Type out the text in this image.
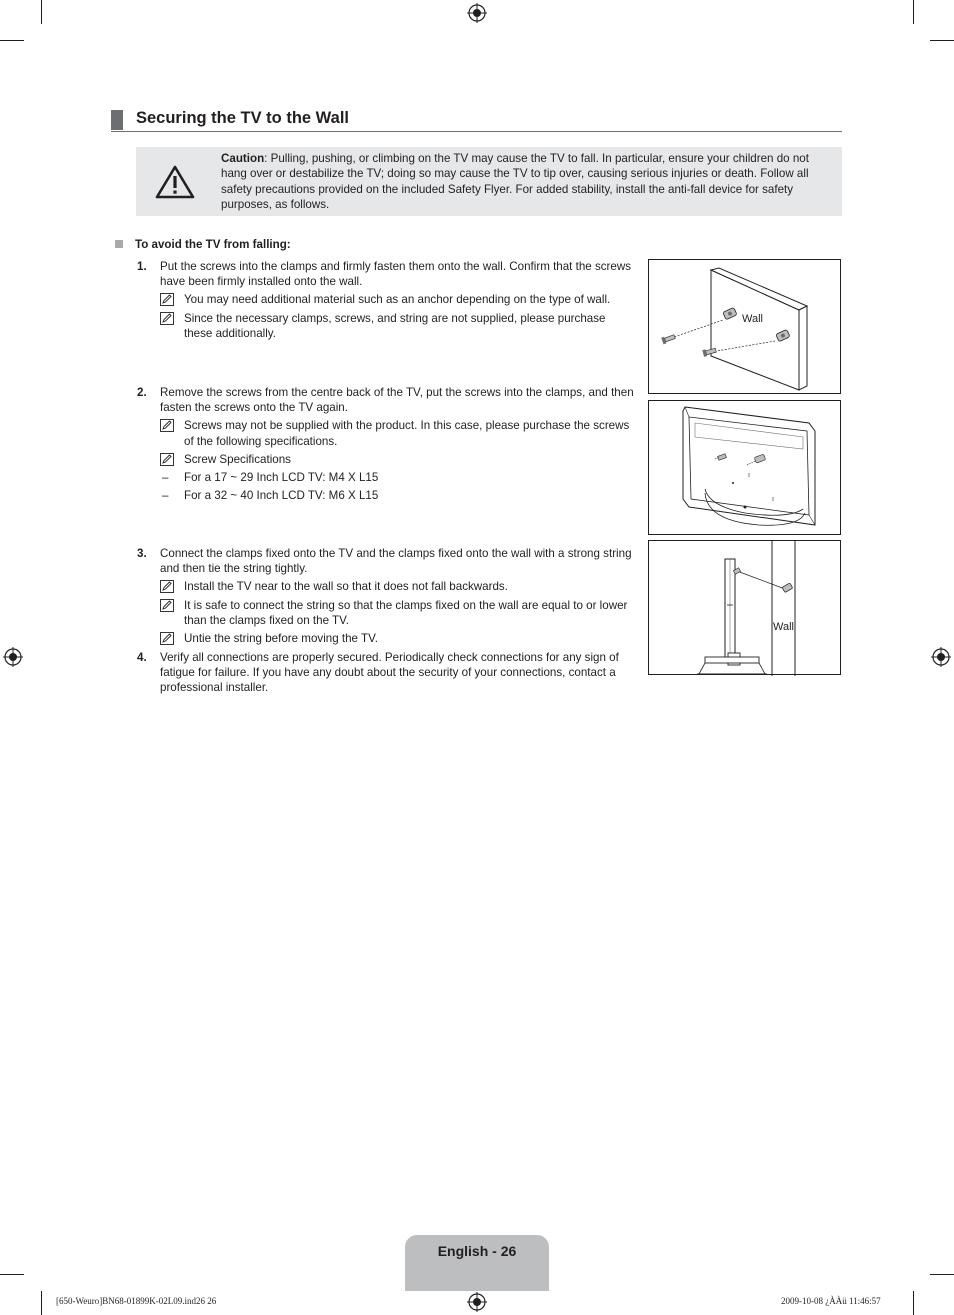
Securing the TV to the Wall
Caution: Pulling, pushing, or climbing on the TV may cause the TV to fall. In particular, ensure your children do not hang over or destabilize the TV; doing so may cause the TV to tip over, causing serious injuries or death. Follow all safety precautions provided on the included Safety Flyer. For added stability, install the anti-fall device for safety purposes, as follows.
To avoid the TV from falling:
1. Put the screws into the clamps and firmly fasten them onto the wall. Confirm that the screws have been firmly installed onto the wall.
You may need additional material such as an anchor depending on the type of wall.
Since the necessary clamps, screws, and string are not supplied, please purchase these additionally.
2. Remove the screws from the centre back of the TV, put the screws into the clamps, and then fasten the screws onto the TV again.
Screws may not be supplied with the product. In this case, please purchase the screws of the following specifications.
Screw Specifications
– For a 17 ~ 29 Inch LCD TV: M4 X L15
– For a 32 ~ 40 Inch LCD TV: M6 X L15
3. Connect the clamps fixed onto the TV and the clamps fixed onto the wall with a strong string and then tie the string tightly.
Install the TV near to the wall so that it does not fall backwards.
It is safe to connect the string so that the clamps fixed on the wall are equal to or lower than the clamps fixed on the TV.
Untie the string before moving the TV.
4. Verify all connections are properly secured. Periodically check connections for any sign of fatigue for failure. If you have any doubt about the security of your connections, contact a professional installer.
Wall
Wall
English - 26
[650-Weuro]BN68-01899K-02L09.ind26 26	2009-10-08 ¿ÀÀü 11:46:57
